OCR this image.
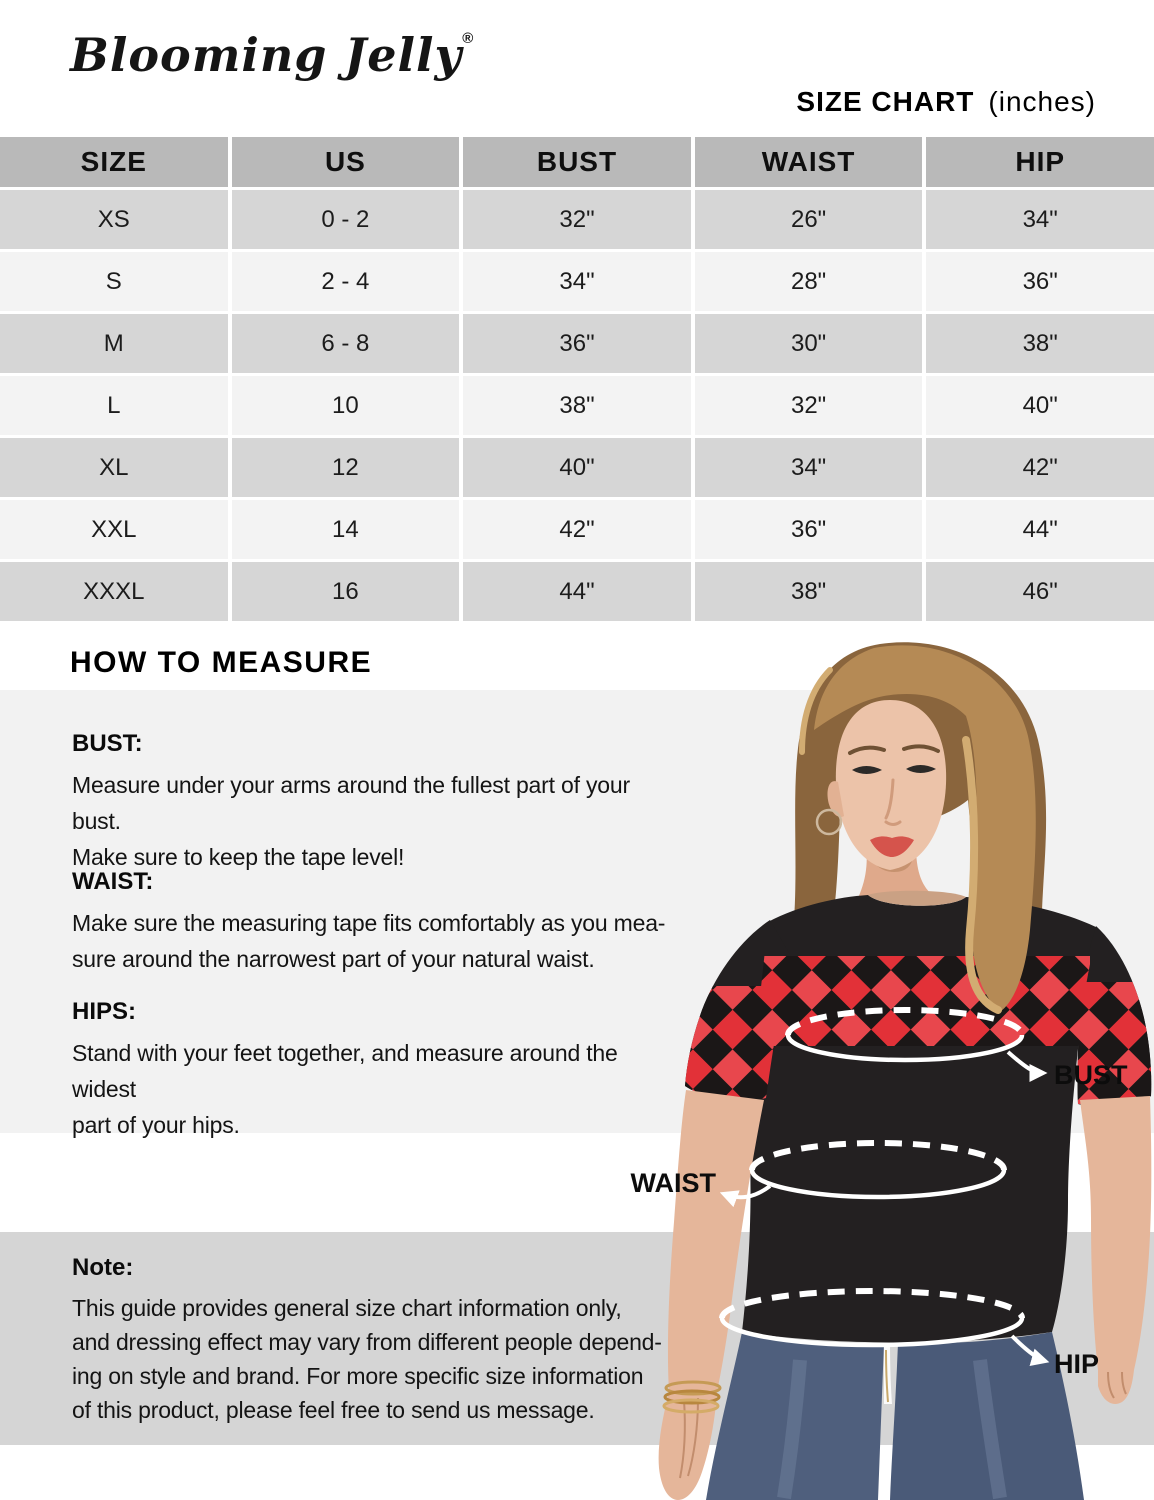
Blooming Jelly®
SIZE CHART (inches)
SIZE	US	BUST	WAIST	HIP
XS	0 - 2	32"	26"	34"
S	2 - 4	34"	28"	36"
M	6 - 8	36"	30"	38"
L	10	38"	32"	40"
XL	12	40"	34"	42"
XXL	14	42"	36"	44"
XXXL	16	44"	38"	46"
HOW TO MEASURE
BUST:

Measure under your arms around the fullest part of your bust.

Make sure to keep the tape level!

WAIST:

Make sure the measuring tape fits comfortably as you mea-

sure around the narrowest part of your natural waist.

HIPS:

Stand with your feet together, and measure around the widest

part of your hips.

Note:

This guide provides general size chart information only,

and dressing effect may vary from different people depend-

ing on style and brand. For more specific size information

of this product, please feel free to send us message.

BUST
WAIST
HIP
